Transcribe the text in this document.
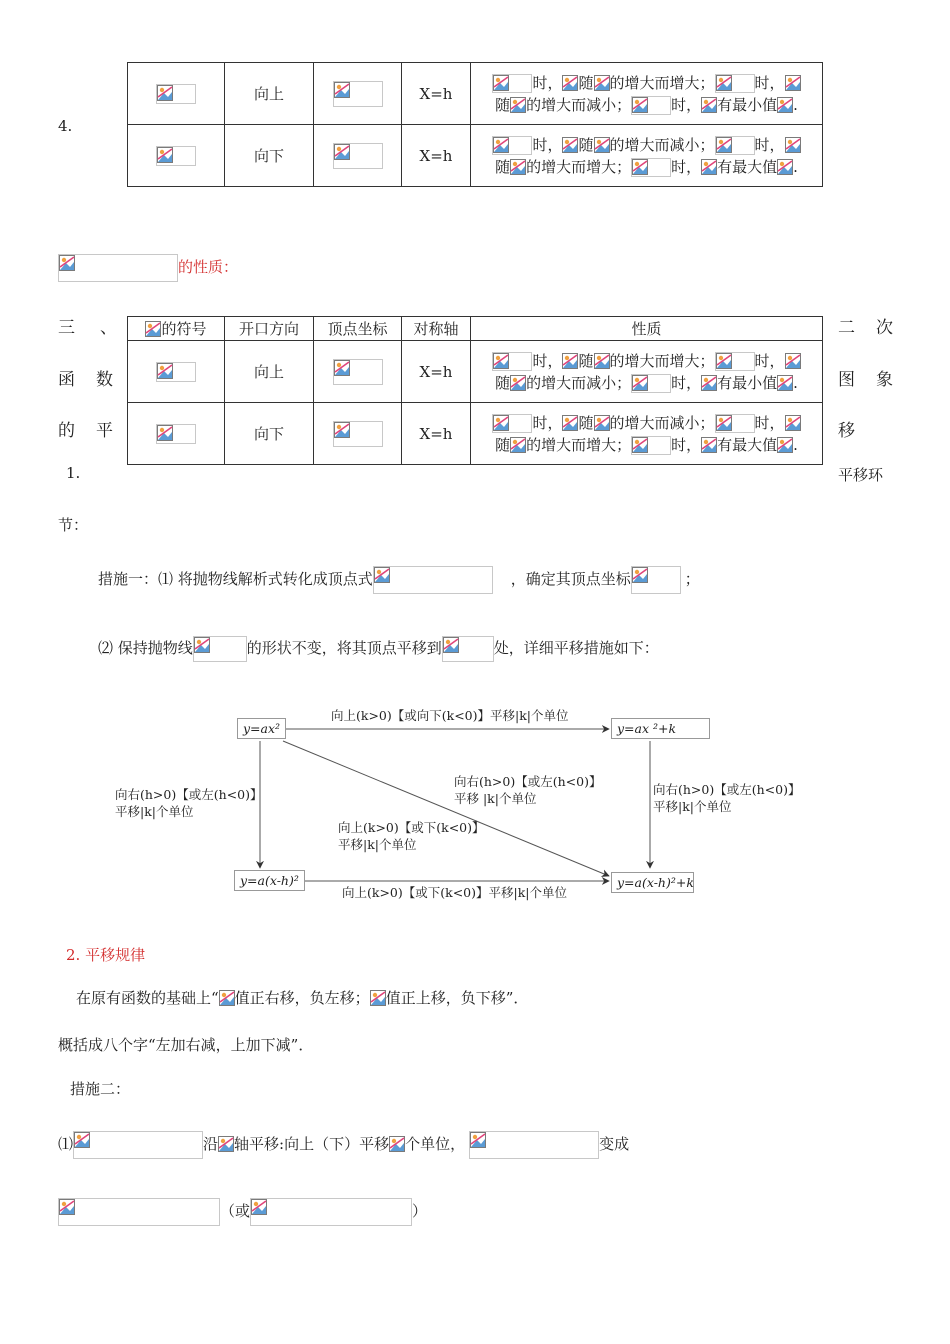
4.
	向上		X=h	时， 随 的增大而增大； 时，
随 的增大而减小； 时， 有最小值 .

	向下		X=h	时， 随 的增大而减小； 时，
随 的增大而增大； 时， 有最大值 .
的性质：
三 、
函 数
的 平
1.
二 次
图 象
移
平移环
节：
的符号	开口方向	顶点坐标	对称轴	性质

	向上		X=h	时， 随 的增大而增大； 时，
随 的增大而减小； 时， 有最小值 .

	向下		X=h	时， 随 的增大而减小； 时，
随 的增大而增大； 时， 有最大值 .
措施一：⑴ 将抛物线解析式转化成顶点式	，确定其顶点坐标	；
⑵ 保持抛物线	的形状不变，将其顶点平移到	处，详细平移措施如下：
y=ax²	y=ax ²+k
y=a(x-h)²	y=a(x-h)²+k
向上(k>0)【或向下(k<0)】平移|k|个单位
向右(h>0)【或左(h<0)】
平移|k|个单位
向右(h>0)【或左(h<0)】
平移|k|个单位
向右(h>0)【或左(h<0)】
平移 |k|个单位
向上(k>0)【或下(k<0)】
平移|k|个单位
向上(k>0)【或下(k<0)】平移|k|个单位
2. 平移规律
在原有函数的基础上“ 值正右移，负左移； 值正上移，负下移”．
概括成八个字“左加右减，上加下减”．
措施二：
⑴	沿 轴平移:向上（下）平移 个单位，	变成
（或	）
